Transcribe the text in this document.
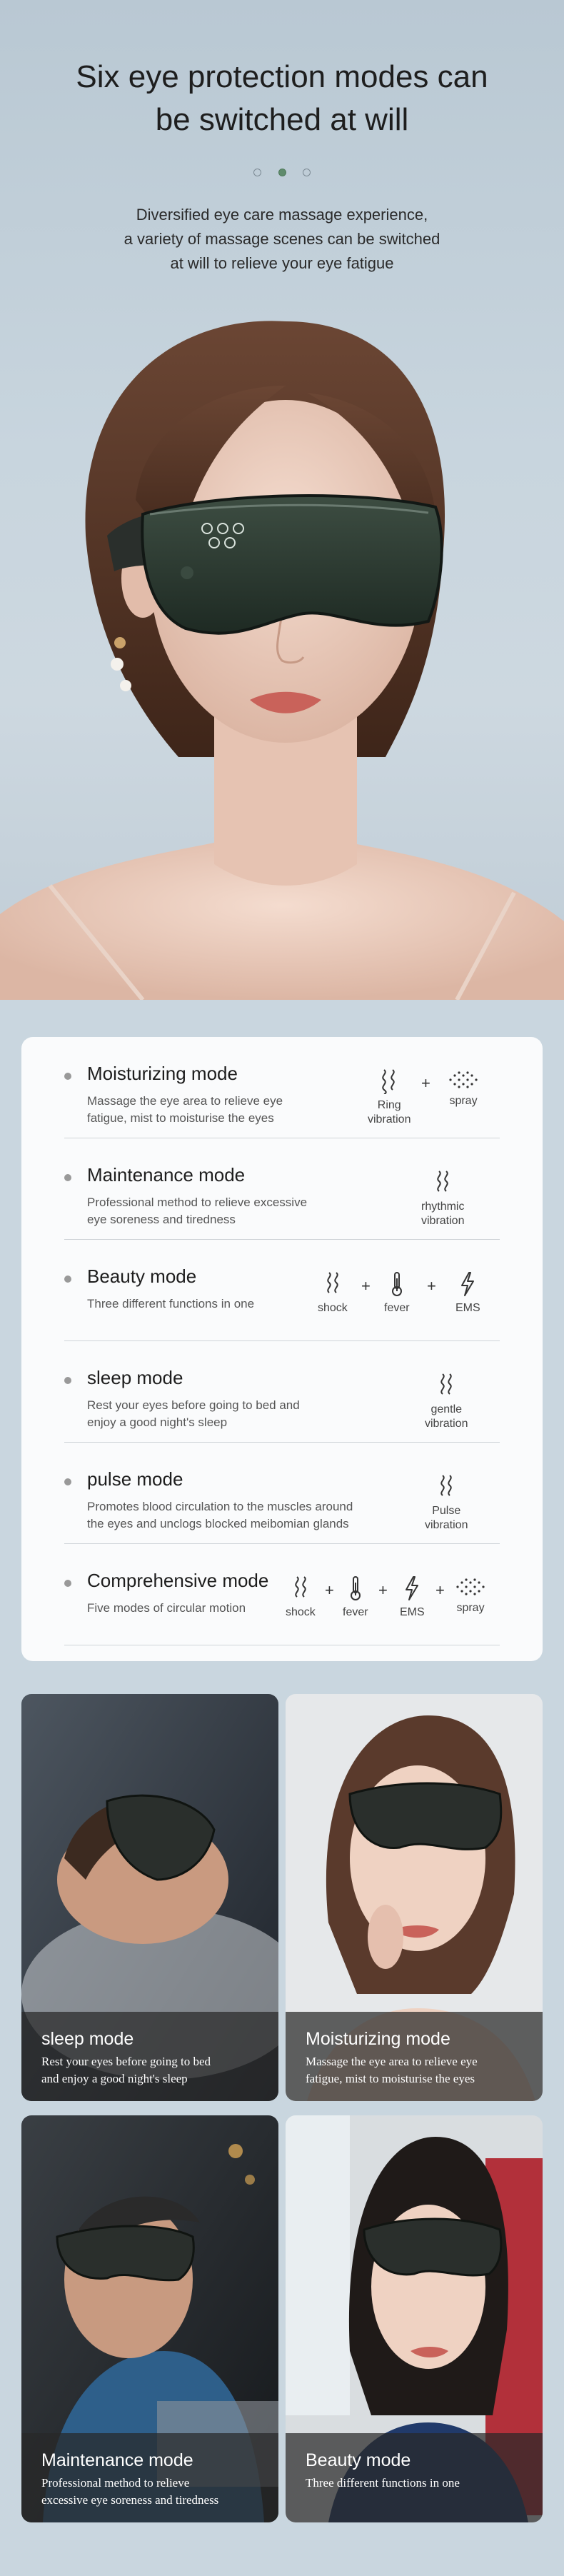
Six eye protection modes can
be switched at will

Diversified eye care massage experience,
a variety of massage scenes can be switched
at will to relieve your eye fatigue

Moisturizing mode
Massage the eye area to relieve eye
fatigue, mist to moisturise the eyes
Ring
vibration
+
spray
Maintenance mode
Professional method to relieve excessive
eye soreness and tiredness
rhythmic
vibration
Beauty mode
Three different functions in one	shock
+
fever
+
EMS
sleep mode
Rest your eyes before going to bed and
enjoy a good night's sleep
gentle
vibration
pulse mode
Promotes blood circulation to the muscles around
the eyes and unclogs blocked meibomian glands
Pulse
vibration
Comprehensive mode
Five modes of circular motion	shock
+
fever
+
EMS
+
spray
sleep mode
Rest your eyes before going to bed
and enjoy a good night's sleep
Moisturizing mode
Massage the eye area to relieve eye
fatigue, mist to moisturise the eyes
Maintenance mode
Professional method to relieve
excessive eye soreness and tiredness
Beauty mode
Three different functions in one
